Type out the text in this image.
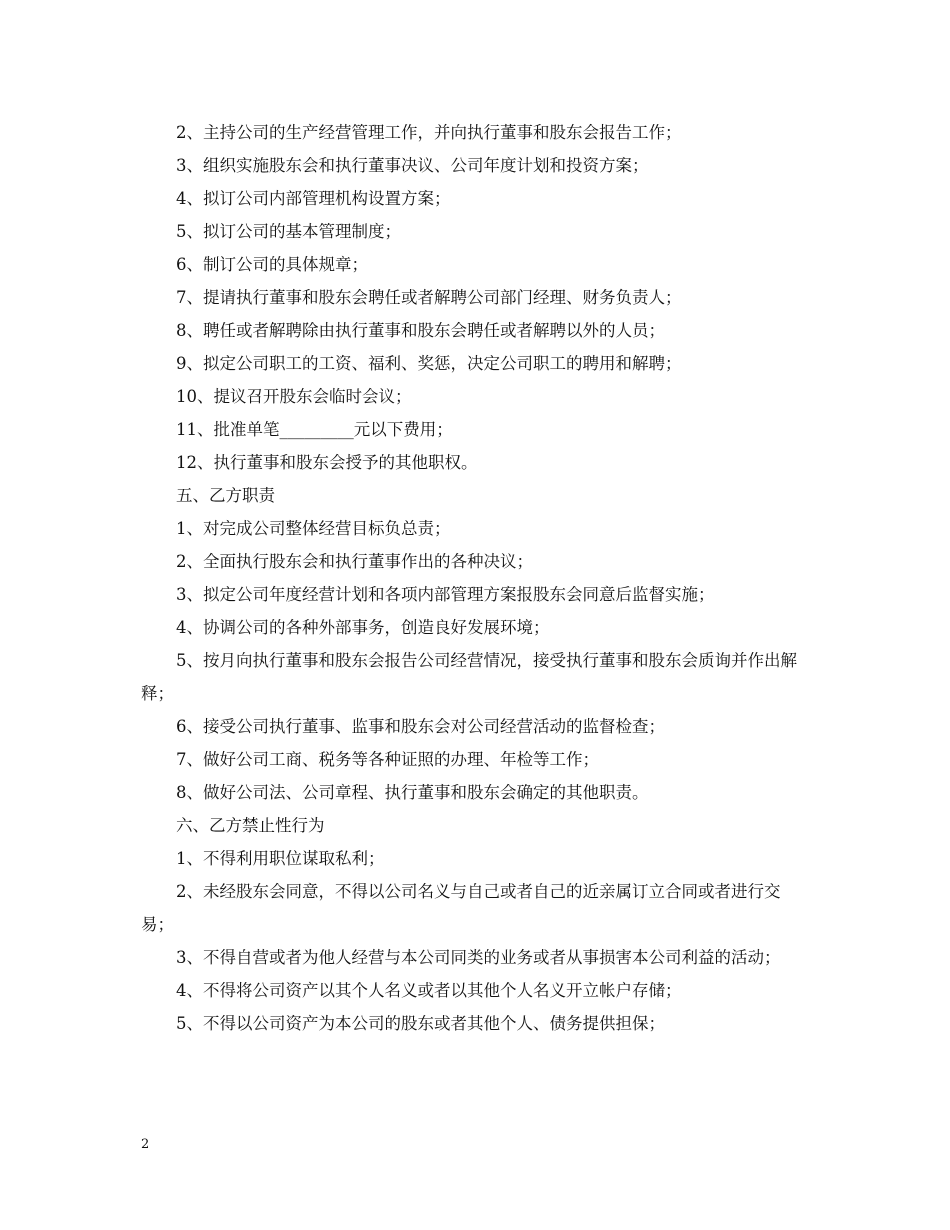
2、主持公司的生产经营管理工作，并向执行董事和股东会报告工作；

3、组织实施股东会和执行董事决议、公司年度计划和投资方案；

4、拟订公司内部管理机构设置方案；

5、拟订公司的基本管理制度；

6、制订公司的具体规章；

7、提请执行董事和股东会聘任或者解聘公司部门经理、财务负责人；

8、聘任或者解聘除由执行董事和股东会聘任或者解聘以外的人员；

9、拟定公司职工的工资、福利、奖惩，决定公司职工的聘用和解聘；

10、提议召开股东会临时会议；

11、批准单笔_________元以下费用；

12、执行董事和股东会授予的其他职权。

五、乙方职责

1、对完成公司整体经营目标负总责；

2、全面执行股东会和执行董事作出的各种决议；

3、拟定公司年度经营计划和各项内部管理方案报股东会同意后监督实施；

4、协调公司的各种外部事务，创造良好发展环境；

5、按月向执行董事和股东会报告公司经营情况，接受执行董事和股东会质询并作出解释；

6、接受公司执行董事、监事和股东会对公司经营活动的监督检查；

7、做好公司工商、税务等各种证照的办理、年检等工作；

8、做好公司法、公司章程、执行董事和股东会确定的其他职责。

六、乙方禁止性行为

1、不得利用职位谋取私利；

2、未经股东会同意，不得以公司名义与自己或者自己的近亲属订立合同或者进行交易；

3、不得自营或者为他人经营与本公司同类的业务或者从事损害本公司利益的活动；

4、不得将公司资产以其个人名义或者以其他个人名义开立帐户存储；

5、不得以公司资产为本公司的股东或者其他个人、债务提供担保；

2
